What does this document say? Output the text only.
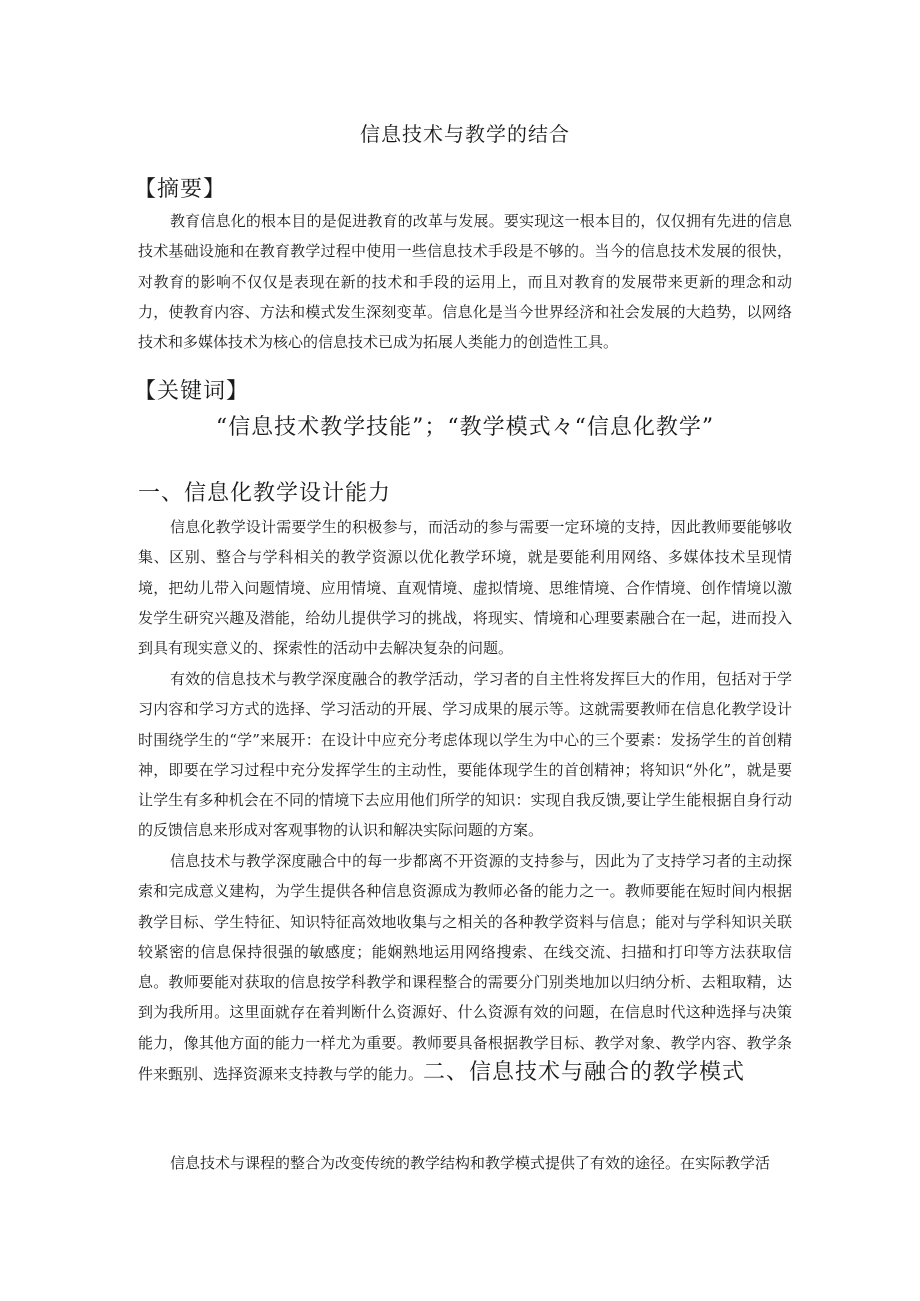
信息技术与教学的结合
【摘要】

教育信息化的根本目的是促进教育的改革与发展。要实现这一根本目的，仅仅拥有先进的信息技术基础设施和在教育教学过程中使用一些信息技术手段是不够的。当今的信息技术发展的很快，对教育的影响不仅仅是表现在新的技术和手段的运用上，而且对教育的发展带来更新的理念和动力，使教育内容、方法和模式发生深刻变革。信息化是当今世界经济和社会发展的大趋势，以网络技术和多媒体技术为核心的信息技术已成为拓展人类能力的创造性工具。

【关键词】
“信息技术教学技能”；“教学模式々“信息化教学”
一、信息化教学设计能力

信息化教学设计需要学生的积极参与，而活动的参与需要一定环境的支持，因此教师要能够收集、区别、整合与学科相关的教学资源以优化教学环境，就是要能利用网络、多媒体技术呈现情境，把幼儿带入问题情境、应用情境、直观情境、虚拟情境、思维情境、合作情境、创作情境以激发学生研究兴趣及潜能，给幼儿提供学习的挑战，将现实、情境和心理要素融合在一起，进而投入到具有现实意义的、探索性的活动中去解决复杂的问题。

有效的信息技术与教学深度融合的教学活动，学习者的自主性将发挥巨大的作用，包括对于学习内容和学习方式的选择、学习活动的开展、学习成果的展示等。这就需要教师在信息化教学设计时围绕学生的“学”来展开：在设计中应充分考虑体现以学生为中心的三个要素：发扬学生的首创精神，即要在学习过程中充分发挥学生的主动性，要能体现学生的首创精神；将知识“外化”，就是要让学生有多种机会在不同的情境下去应用他们所学的知识：实现自我反馈,要让学生能根据自身行动的反馈信息来形成对客观事物的认识和解决实际问题的方案。

信息技术与教学深度融合中的每一步都离不开资源的支持参与，因此为了支持学习者的主动探索和完成意义建构，为学生提供各种信息资源成为教师必备的能力之一。教师要能在短时间内根据教学目标、学生特征、知识特征高效地收集与之相关的各种教学资料与信息；能对与学科知识关联较紧密的信息保持很强的敏感度；能娴熟地运用网络搜索、在线交流、扫描和打印等方法获取信息。教师要能对获取的信息按学科教学和课程整合的需要分门别类地加以归纳分析、去粗取精，达到为我所用。这里面就存在着判断什么资源好、什么资源有效的问题，在信息时代这种选择与决策能力，像其他方面的能力一样尤为重要。教师要具备根据教学目标、教学对象、教学内容、教学条件来甄别、选择资源来支持教与学的能力。二、信息技术与融合的教学模式

信息技术与课程的整合为改变传统的教学结构和教学模式提供了有效的途径。在实际教学活
